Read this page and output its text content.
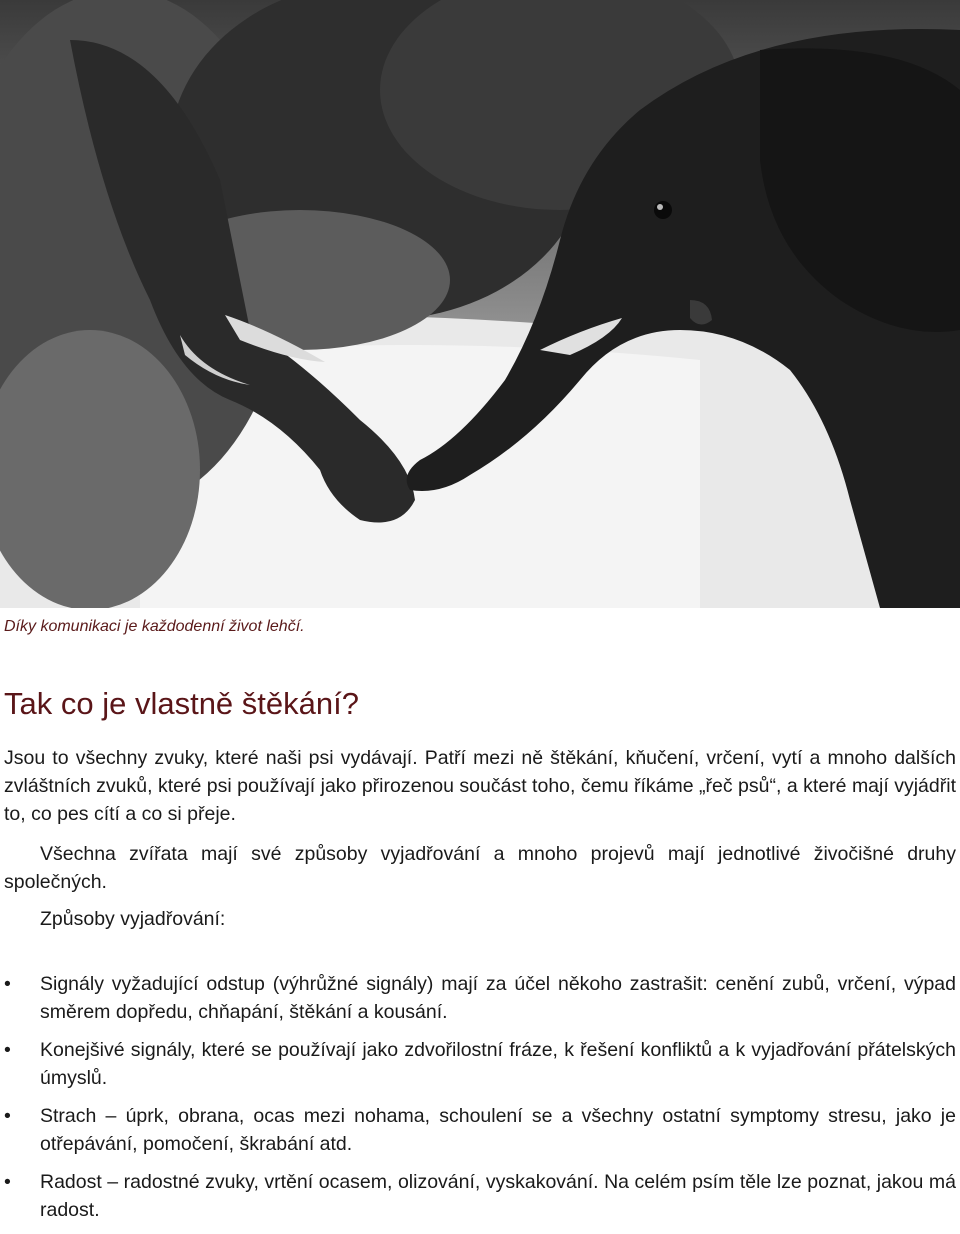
Díky komunikaci je každodenní život lehčí.
Tak co je vlastně štěkání?
Jsou to všechny zvuky, které naši psi vydávají. Patří mezi ně štěkání, kňučení, vrčení, vytí a mnoho dalších zvláštních zvuků, které psi používají jako přirozenou součást toho, čemu říkáme „řeč psů“, a které mají vyjádřit to, co pes cítí a co si přeje.
Všechna zvířata mají své způsoby vyjadřování a mnoho projevů mají jednotlivé živočišné druhy společných.
Způsoby vyjadřování:
•	Signály vyžadující odstup (výhrůžné signály) mají za účel někoho zastrašit: cenění zubů, vrčení, výpad směrem dopředu, chňapání, štěkání a kousání.
•	Konejšivé signály, které se používají jako zdvořilostní fráze, k řešení konfliktů a k vyjadřování přátelských úmyslů.
•	Strach – úprk, obrana, ocas mezi nohama, schoulení se a všechny ostatní symptomy stresu, jako je otřepávání, pomočení, škrabání atd.
•	Radost – radostné zvuky, vrtění ocasem, olizování, vyskakování. Na celém psím těle lze poznat, jakou má radost.
